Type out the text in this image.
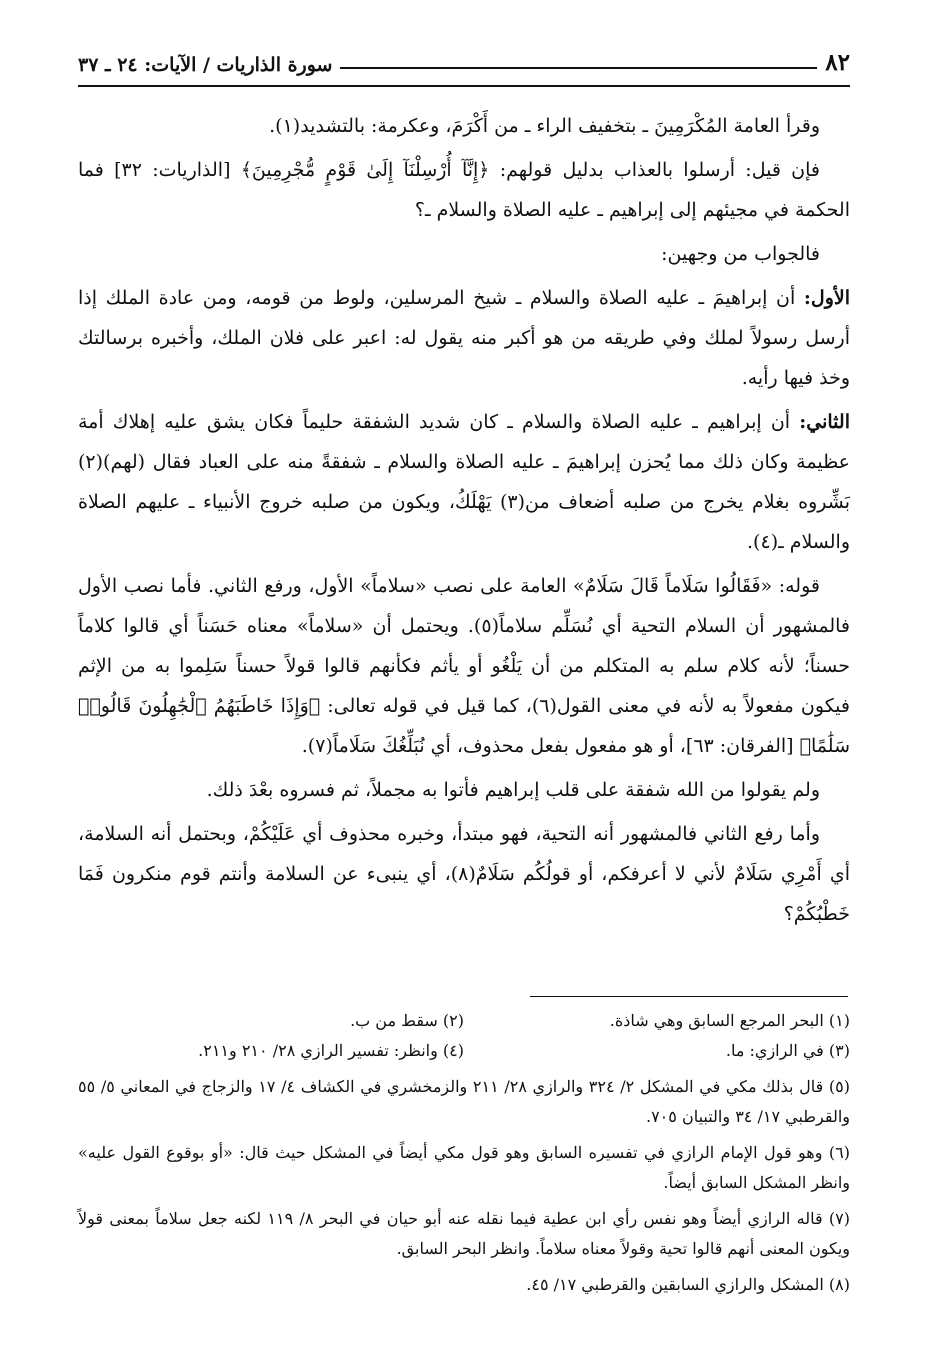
٨٢
سورة الذاريات / الآيات: ٢٤ ـ ٣٧

وقرأ العامة المُكْرَمِينَ ـ بتخفيف الراء ـ من أَكْرَمَ، وعكرمة: بالتشديد(١).

فإن قيل: أرسلوا بالعذاب بدليل قولهم: ﴿إِنَّآ أُرْسِلْنَآ إِلَىٰ قَوْمٍ مُّجْرِمِينَ﴾ [الذاريات: ٣٢] فما الحكمة في مجيئهم إلى إبراهيم ـ عليه الصلاة والسلام ـ؟

فالجواب من وجهين:

الأول: أن إبراهيمَ ـ عليه الصلاة والسلام ـ شيخ المرسلين، ولوط من قومه، ومن عادة الملك إذا أرسل رسولاً لملك وفي طريقه من هو أكبر منه يقول له: اعبر على فلان الملك، وأخبره برسالتك وخذ فيها رأيه.

الثاني: أن إبراهيم ـ عليه الصلاة والسلام ـ كان شديد الشفقة حليماً فكان يشق عليه إهلاك أمة عظيمة وكان ذلك مما يُحزن إبراهيمَ ـ عليه الصلاة والسلام ـ شفقةً منه على العباد فقال (لهم)(٢) بَشِّروه بغلام يخرج من صلبه أضعاف من(٣) يَهْلَكُ، ويكون من صلبه خروج الأنبياء ـ عليهم الصلاة والسلام ـ(٤).

قوله: «فَقَالُوا سَلَاماً قَالَ سَلَامٌ» العامة على نصب «سلاماً» الأول، ورفع الثاني. فأما نصب الأول فالمشهور أن السلام التحية أي نُسَلِّم سلاماً(٥). ويحتمل أن «سلاماً» معناه حَسَناً أي قالوا كلاماً حسناً؛ لأنه كلام سلم به المتكلم من أن يَلْغُو أو يأثم فكأنهم قالوا قولاً حسناً سَلِموا به من الإثم فيكون مفعولاً به لأنه في معنى القول(٦)، كما قيل في قوله تعالى: ﴿وَإِذَا خَاطَبَهُمُ ٱلْجَٰهِلُونَ قَالُوا۟ سَلَٰمًا﴾ [الفرقان: ٦٣]، أو هو مفعول بفعل محذوف، أي نُبَلِّغُكَ سَلَاماً(٧).

ولم يقولوا من الله شفقة على قلب إبراهيم فأتوا به مجملاً، ثم فسروه بعْدَ ذلك.

وأما رفع الثاني فالمشهور أنه التحية، فهو مبتدأ، وخبره محذوف أي عَلَيْكُمْ، وبحتمل أنه السلامة، أي أَمْرِي سَلَامٌ لأني لا أعرفكم، أو قولُكُم سَلَامٌ(٨)، أي ينبىء عن السلامة وأنتم قوم منكرون فَمَا خَطْبُكُمْ؟

(١) البحر المرجع السابق وهي شاذة.
(٢) سقط من ب.
(٣) في الرازي: ما.
(٤) وانظر: تفسير الرازي ٢٨/ ٢١٠ و٢١١.
(٥) قال بذلك مكي في المشكل ٢/ ٣٢٤ والرازي ٢٨/ ٢١١ والزمخشري في الكشاف ٤/ ١٧ والزجاج في المعاني ٥/ ٥٥ والقرطبي ١٧/ ٣٤ والتبيان ٧٠٥.
(٦) وهو قول الإمام الرازي في تفسيره السابق وهو قول مكي أيضاً في المشكل حيث قال: «أو بوقوع القول عليه» وانظر المشكل السابق أيضاً.
(٧) قاله الرازي أيضاً وهو نفس رأي ابن عطية فيما نقله عنه أبو حيان في البحر ٨/ ١١٩ لكنه جعل سلاماً بمعنى قولاً ويكون المعنى أنهم قالوا تحية وقولاً معناه سلاماً. وانظر البحر السابق.
(٨) المشكل والرازي السابقين والقرطبي ١٧/ ٤٥.
